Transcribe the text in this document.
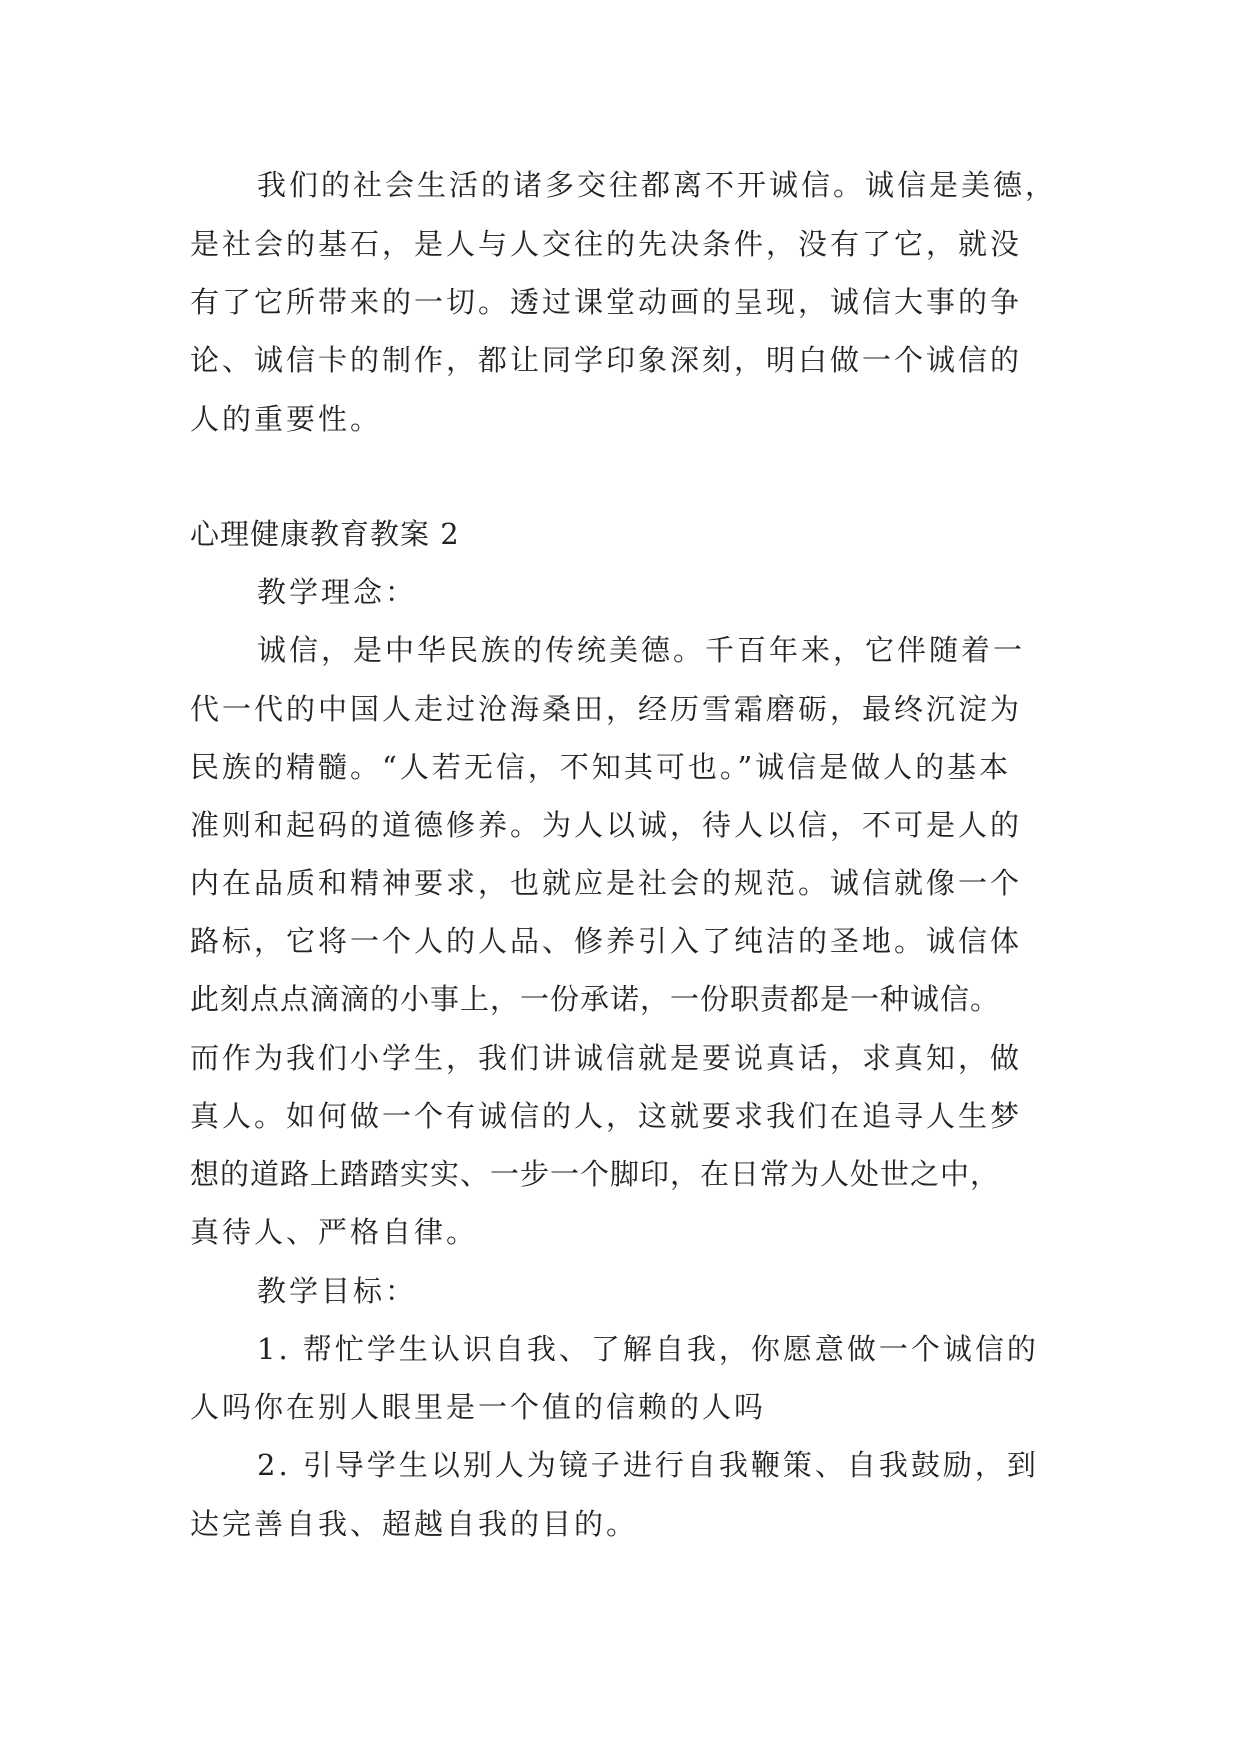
我们的社会生活的诸多交往都离不开诚信。诚信是美德，
是社会的基石，是人与人交往的先决条件，没有了它，就没
有了它所带来的一切。透过课堂动画的呈现，诚信大事的争
论、诚信卡的制作，都让同学印象深刻，明白做一个诚信的
人的重要性。
心理健康教育教案 2
教学理念：
诚信，是中华民族的传统美德。千百年来，它伴随着一
代一代的中国人走过沧海桑田，经历雪霜磨砺，最终沉淀为
民族的精髓。“人若无信，不知其可也。”诚信是做人的基本
准则和起码的道德修养。为人以诚，待人以信，不可是人的
内在品质和精神要求，也就应是社会的规范。诚信就像一个
路标，它将一个人的人品、修养引入了纯洁的圣地。诚信体
此刻点点滴滴的小事上，一份承诺，一份职责都是一种诚信。
而作为我们小学生，我们讲诚信就是要说真话，求真知，做
真人。如何做一个有诚信的人，这就要求我们在追寻人生梦
想的道路上踏踏实实、一步一个脚印，在日常为人处世之中，
真待人、严格自律。
教学目标：
1. 帮忙学生认识自我、了解自我，你愿意做一个诚信的
人吗你在别人眼里是一个值的信赖的人吗
2. 引导学生以别人为镜子进行自我鞭策、自我鼓励，到
达完善自我、超越自我的目的。
